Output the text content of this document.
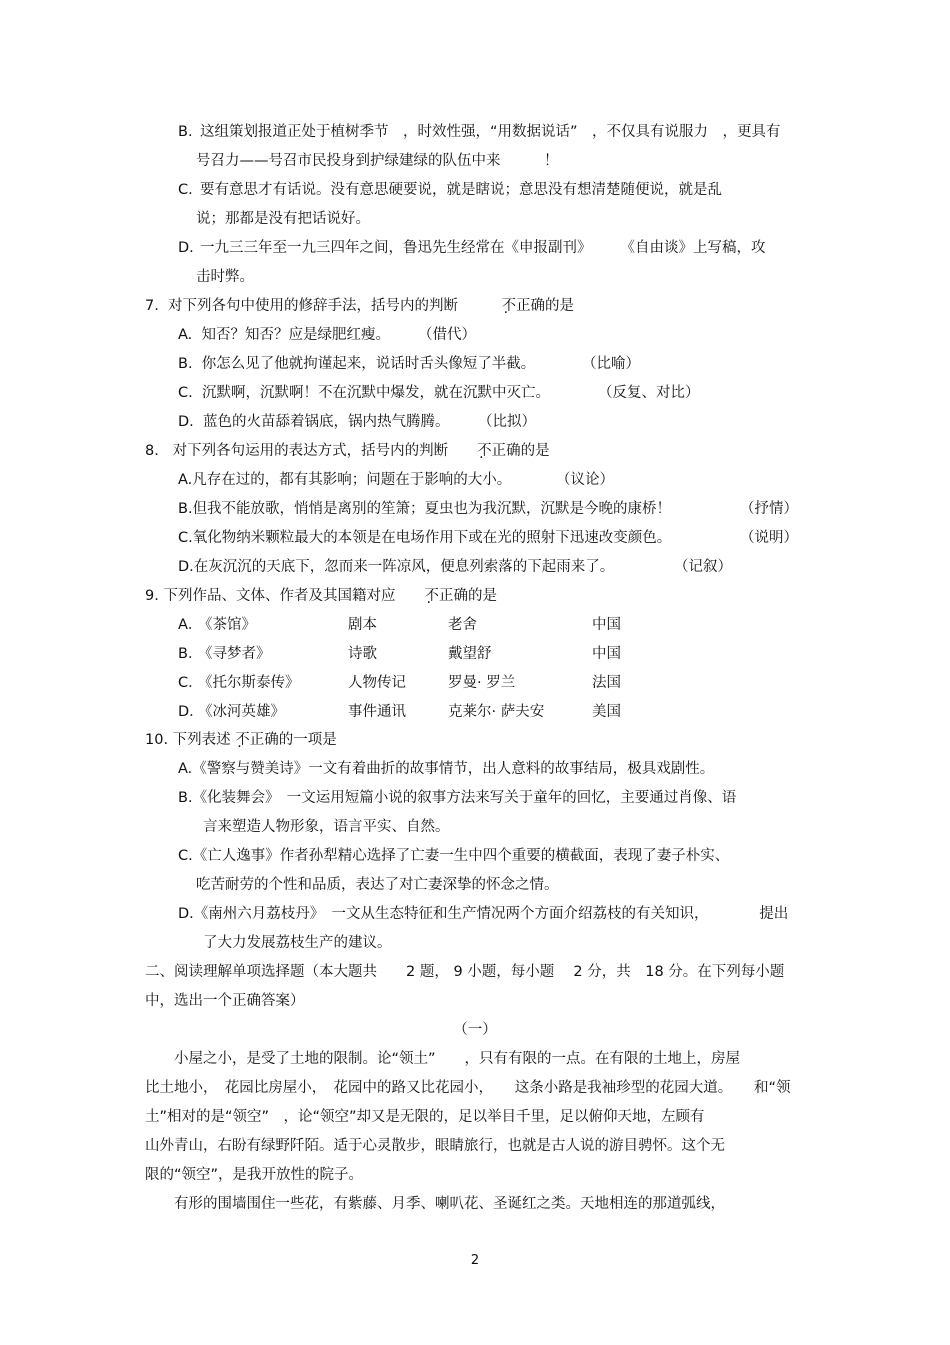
B. 这组策划报道正处于植树季节　，时效性强，“用数据说话”　，不仅具有说服力　，更具有
号召力——号召市民投身到护绿建绿的队伍中来　　　！
C. 要有意思才有话说。没有意思硬要说，就是瞎说；意思没有想清楚随便说，就是乱
说；那都是没有把话说好。
D. 一九三三年至一九三四年之间，鲁迅先生经常在《申报副刊》　　　《自由谈》上写稿，攻
击时弊。
7.  对下列各句中使用的修辞手法，括号内的判断　　　不正确的是
A. 知否？知否？应是绿肥红瘦。 （借代）
B. 你怎么见了他就拘谨起来，说话时舌头像短了半截。	（比喻）
C. 沉默啊，沉默啊！不在沉默中爆发，就在沉默中灭亡。	（反复、对比）
D. 蓝色的火苗舔着锅底，锅内热气腾腾。 （比拟）
8.   对下列各句运用的表达方式，括号内的判断　　不正确的是
A.凡存在过的，都有其影响；问题在于影响的大小。	（议论）
B.但我不能放歌，悄悄是离别的笙箫；夏虫也为我沉默，沉默是今晚的康桥！	（抒情）
C.氧化物纳米颗粒最大的本领是在电场作用下或在光的照射下迅速改变颜色。	（说明）
D.在灰沉沉的天底下，忽而来一阵凉风，便息列索落的下起雨来了。	（记叙）
9. 下列作品、文体、作者及其国籍对应　　不正确的是
A．
《茶馆》	剧本	老舍	中国
B．
《寻梦者》	诗歌	戴望舒	中国
C．
《托尔斯泰传》	人物传记	罗曼· 罗兰	法国
D．
《冰河英雄》	事件通讯	克莱尔· 萨夫安	美国
10. 下列表述 不正确的一项是
A.《警察与赞美诗》一文有着曲折的故事情节，出人意料的故事结局，极具戏剧性。
B.《化装舞会》　一文运用短篇小说的叙事方法来写关于童年的回忆，主要通过肖像、语
言来塑造人物形象，语言平实、自然。
C.《亡人逸事》作者孙犁精心选择了亡妻一生中四个重要的横截面，表现了妻子朴实、
吃苦耐劳的个性和品质，表达了对亡妻深挚的怀念之情。
D.《南州六月荔枝丹》　一文从生态特征和生产情况两个方面介绍荔枝的有关知识，　　　　提出
了大力发展荔枝生产的建议。
二、阅读理解单项选择题（本大题共　　2 题， 9 小题，每小题　 2 分，共　18 分。在下列每小题
中，选出一个正确答案）
（一）
　　小屋之小，是受了土地的限制。论“领土”　　，只有有限的一点。在有限的土地上，房屋
比土地小，　花园比房屋小，　花园中的路又比花园小，　　这条小路是我袖珍型的花园大道。　　和“领
土”相对的是“领空”　，论“领空”却又是无限的，足以举目千里，足以俯仰天地，左顾有
山外青山，右盼有绿野阡陌。适于心灵散步，眼睛旅行，也就是古人说的游目骋怀。这个无
限的“领空”，是我开放性的院子。
　　有形的围墙围住一些花，有紫藤、月季、喇叭花、圣诞红之类。天地相连的那道弧线，
2
